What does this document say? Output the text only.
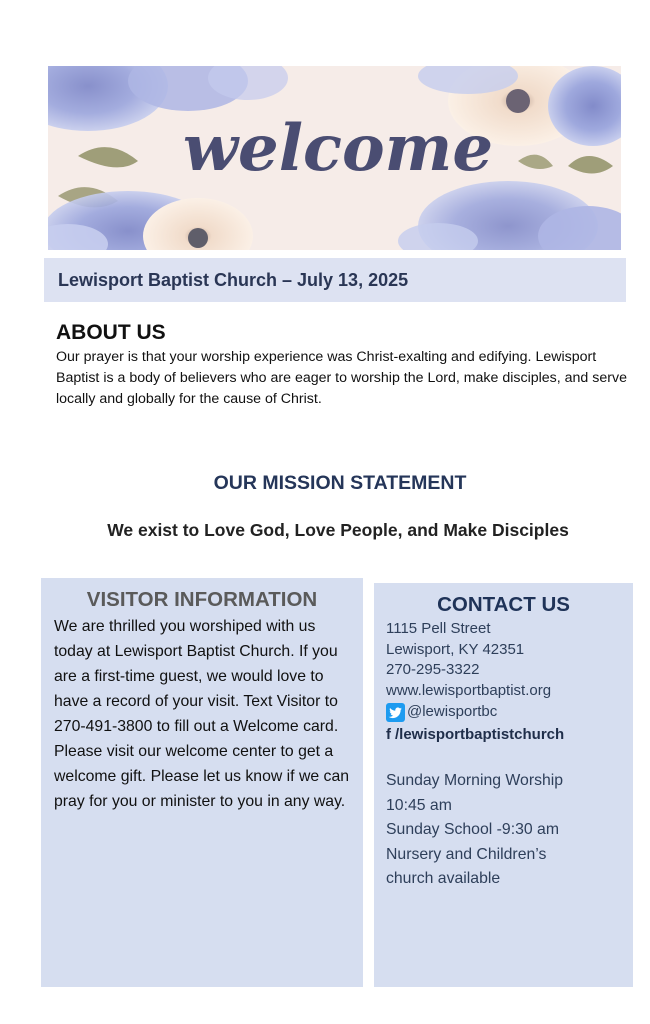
welcome
Lewisport Baptist Church – July 13, 2025
ABOUT US
Our prayer is that your worship experience was Christ-exalting and edifying. Lewisport Baptist is a body of believers who are eager to worship the Lord, make disciples, and serve locally and globally for the cause of Christ.
OUR MISSION STATEMENT
We exist to Love God, Love People, and Make Disciples
VISITOR INFORMATION
We are thrilled you worshiped with us today at Lewisport Baptist Church. If you are a first-time guest, we would love to have a record of your visit. Text Visitor to 270-491-3800 to fill out a Welcome card. Please visit our welcome center to get a welcome gift. Please let us know if we can pray for you or minister to you in any way.
CONTACT US
1115 Pell Street
Lewisport, KY 42351
270-295-3322
www.lewisportbaptist.org
@lewisportbc
f /lewisportbaptistchurch
Sunday Morning Worship
10:45 am
Sunday School -9:30 am
Nursery and Children’s
church available
